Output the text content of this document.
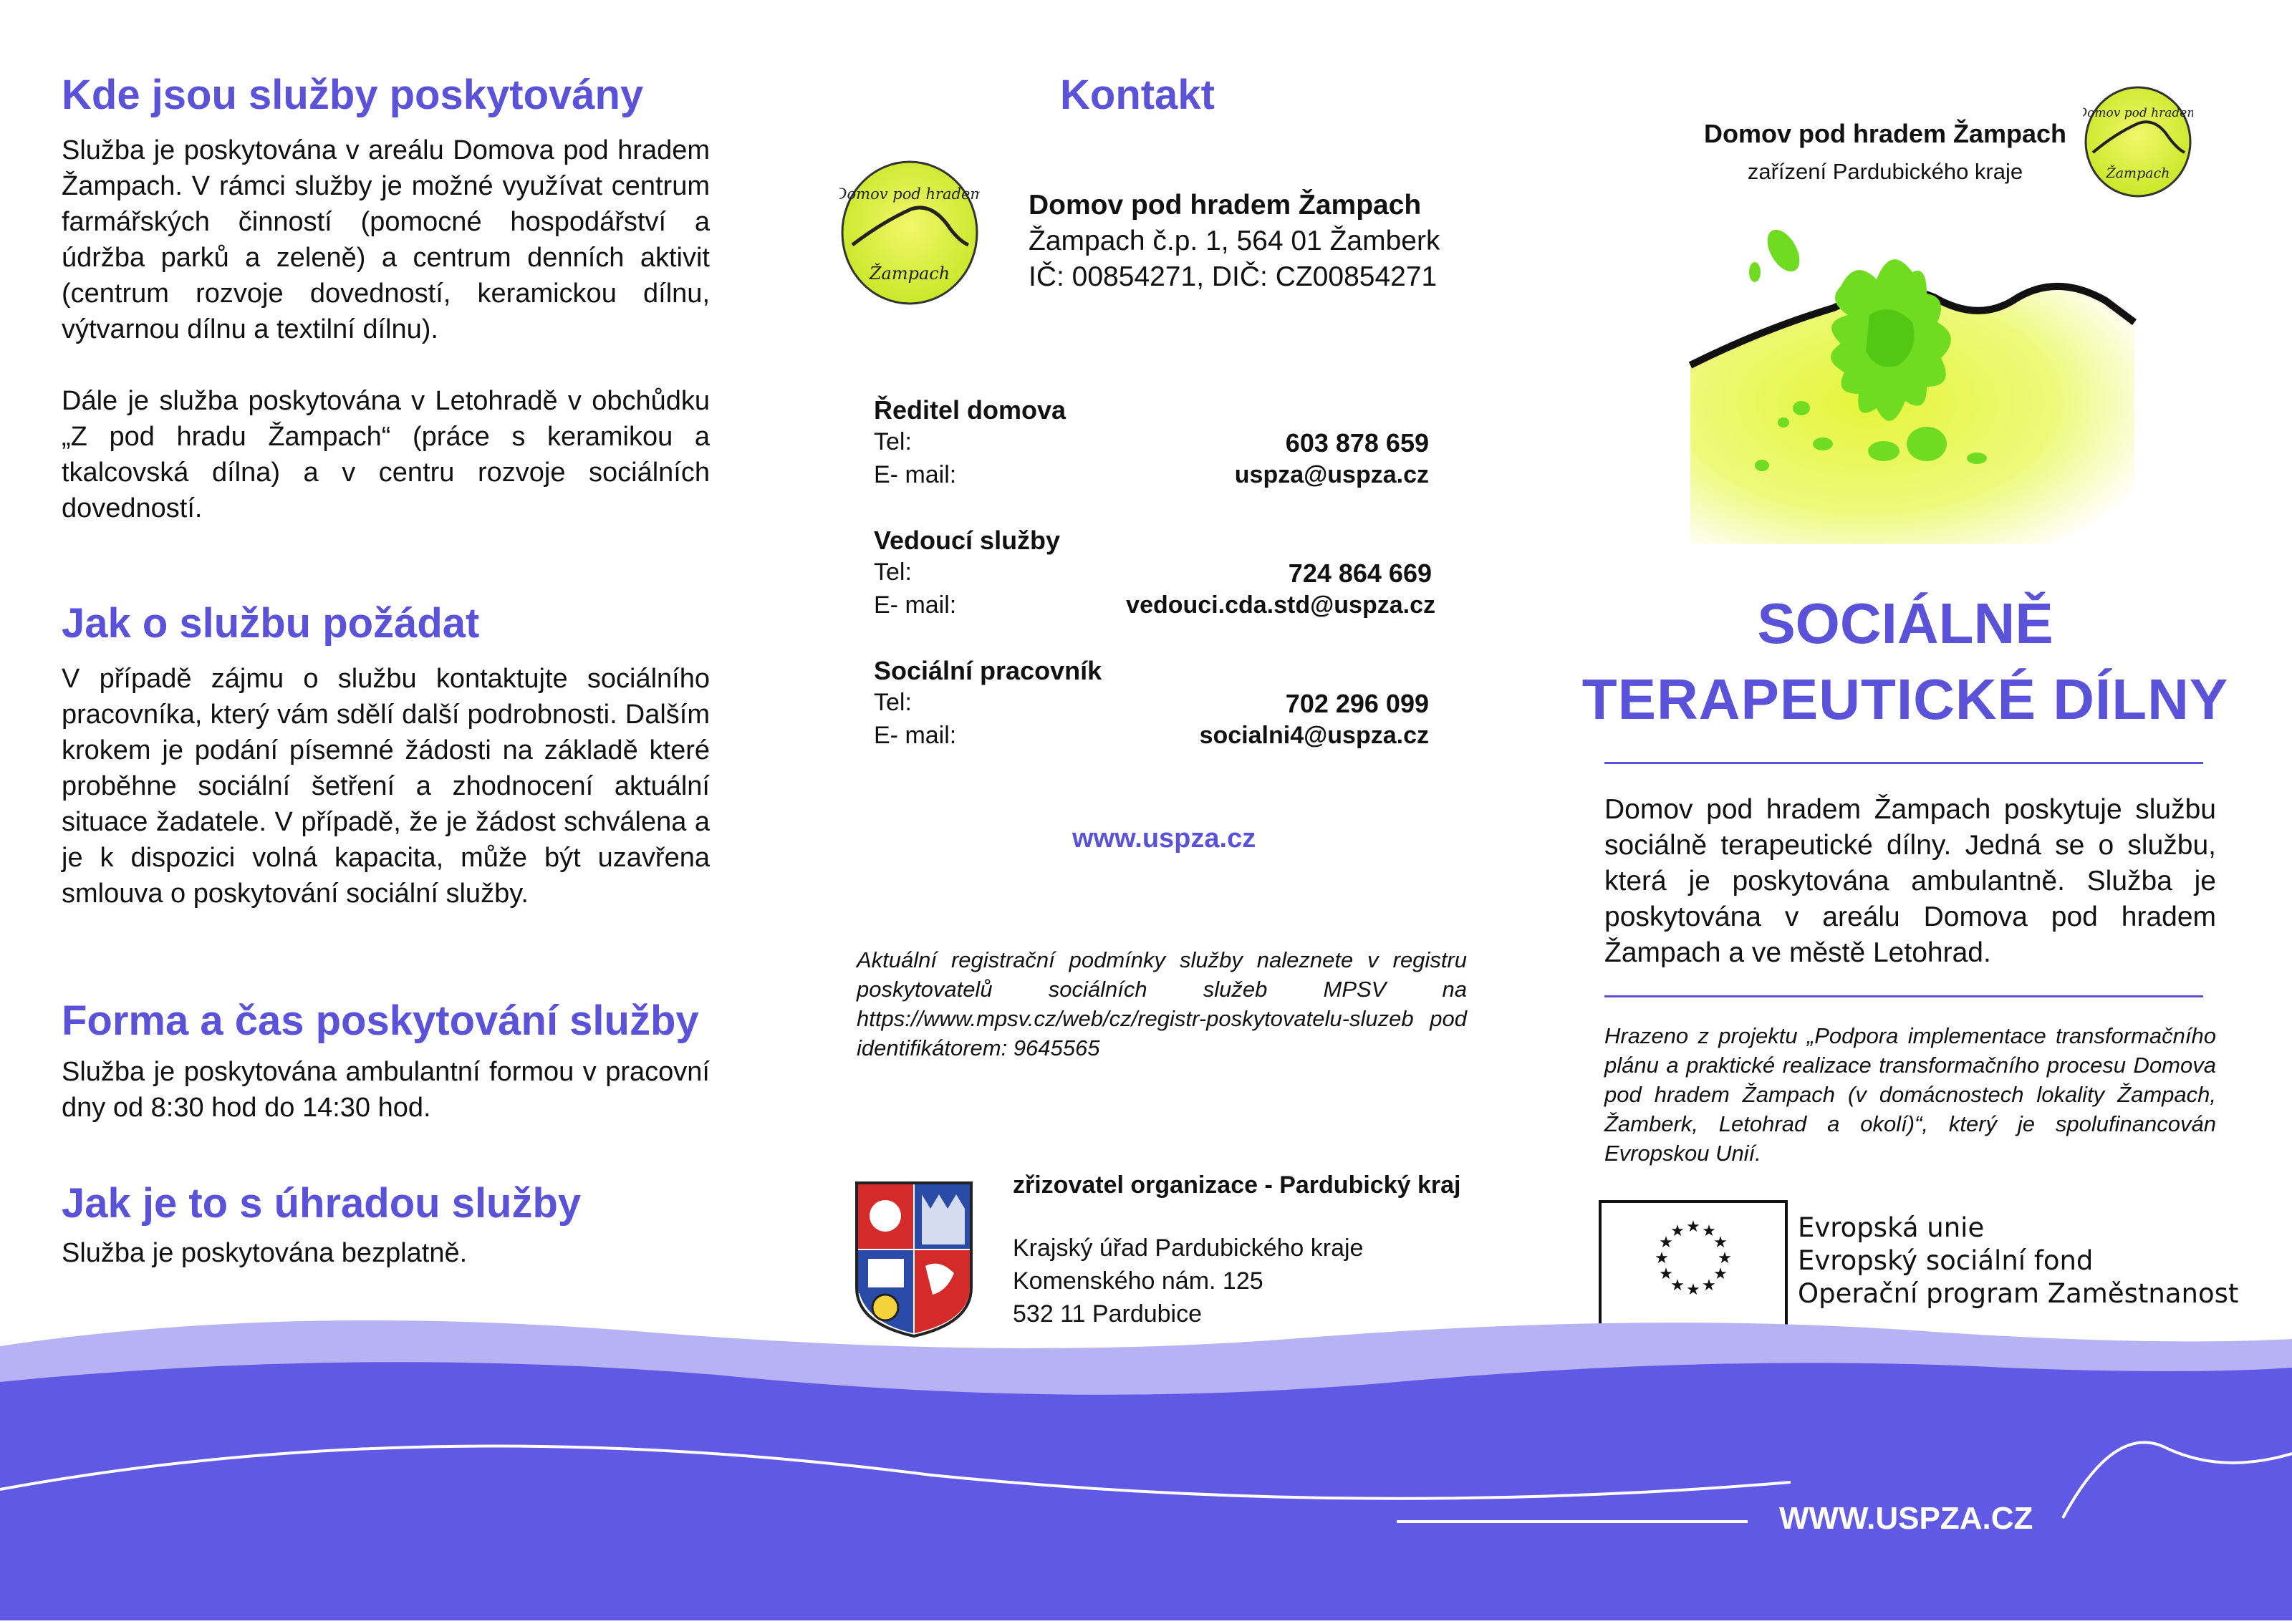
Kde jsou služby poskytovány

Služba je poskytována v areálu Domova pod hradem Žampach. V rámci služby je možné využívat centrum farmářských činností (pomocné hospodářství a údržba parků a zeleně) a centrum denních aktivit (centrum rozvoje dovedností, keramickou dílnu, výtvarnou dílnu a textilní dílnu).

Dále je služba poskytována v Letohradě v obchůdku „Z pod hradu Žampach“ (práce s keramikou a tkalcovská dílna) a v centru rozvoje sociálních dovedností.

Jak o službu požádat

V případě zájmu o službu kontaktujte sociálního pracovníka, který vám sdělí další podrobnosti. Dalším krokem je podání písemné žádosti na základě které proběhne sociální šetření a zhodnocení aktuální situace žadatele. V případě, že je žádost schválena a je k dispozici volná kapacita, může být uzavřena smlouva o poskytování sociální služby.

Forma a čas poskytování služby

Služba je poskytována ambulantní formou v pracovní dny od 8:30 hod do 14:30 hod.

Jak je to s úhradou služby

Služba je poskytována bezplatně.

Kontakt
Domov pod hradem
Žampach
Domov pod hradem Žampach
Žampach č.p. 1, 564 01 Žamberk
IČ: 00854271, DIČ: CZ00854271
Ředitel domova
Tel:	603 878 659
E- mail:	uspza@uspza.cz
Vedoucí služby
Tel:	724 864 669
E- mail:	vedouci.cda.std@uspza.cz
Sociální pracovník
Tel:	702 296 099
E- mail:	socialni4@uspza.cz
www.uspza.cz

Aktuální registrační podmínky služby naleznete v registru poskytovatelů sociálních služeb MPSV na https://www.mpsv.cz/web/cz/registr-poskytovatelu-sluzeb pod identifikátorem: 9645565

zřizovatel organizace - Pardubický kraj
Krajský úřad Pardubického kraje
Komenského nám. 125
532 11 Pardubice
Domov pod hradem Žampach
zařízení Pardubického kraje
Domov pod hradem
Žampach
SOCIÁLNĚ
TERAPEUTICKÉ DÍLNY

Domov pod hradem Žampach poskytuje službu sociálně terapeutické dílny. Jedná se o službu, která je poskytována ambulantně. Služba je poskytována v areálu Domova pod hradem Žampach a ve městě Letohrad.

Hrazeno z projektu „Podpora implementace transformačního plánu a praktické realizace transformačního procesu Domova pod hradem Žampach (v domácnostech lokality Žampach, Žamberk, Letohrad a okolí)“, který je spolufinancován Evropskou Unií.

★ ★
★
★
★
★
★
★
★
★
★
★	Evropská unie
Evropský sociální fond
Operační program Zaměstnanost
WWW.USPZA.CZ
